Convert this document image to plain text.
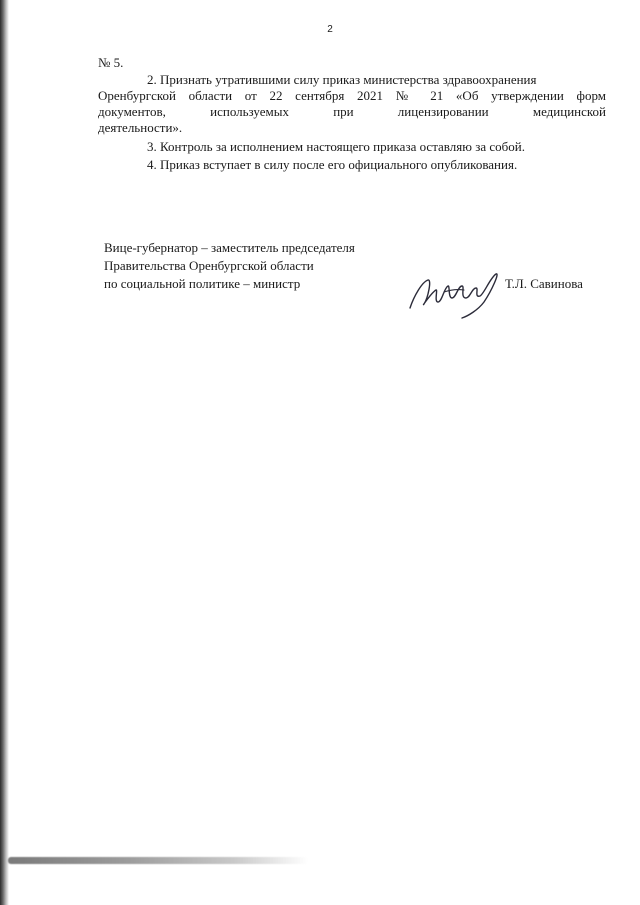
2
№ 5.
2. Признать утратившими силу приказ министерства здравоохранения
Оренбургской области от 22 сентября 2021 № 21 «Об утверждении форм
документов, используемых при лицензировании медицинской
деятельности».
3. Контроль за исполнением настоящего приказа оставляю за собой.
4. Приказ вступает в силу после его официального опубликования.
Вице-губернатор – заместитель председателя
Правительства Оренбургской области
по социальной политике – министр	Т.Л. Савинова
